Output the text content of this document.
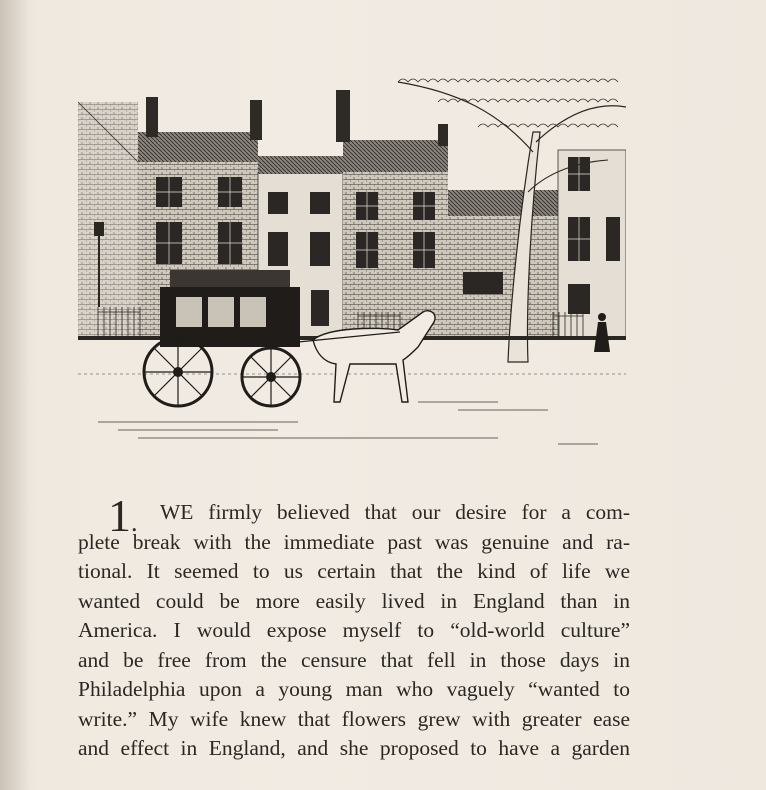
1.	WE firmly believed that our desire for a com-
plete break with the immediate past was genuine and ra-
tional. It seemed to us certain that the kind of life we
wanted could be more easily lived in England than in
America. I would expose myself to “old-world culture”
and be free from the censure that fell in those days in
Philadelphia upon a young man who vaguely “wanted to
write.” My wife knew that flowers grew with greater ease
and effect in England, and she proposed to have a garden
